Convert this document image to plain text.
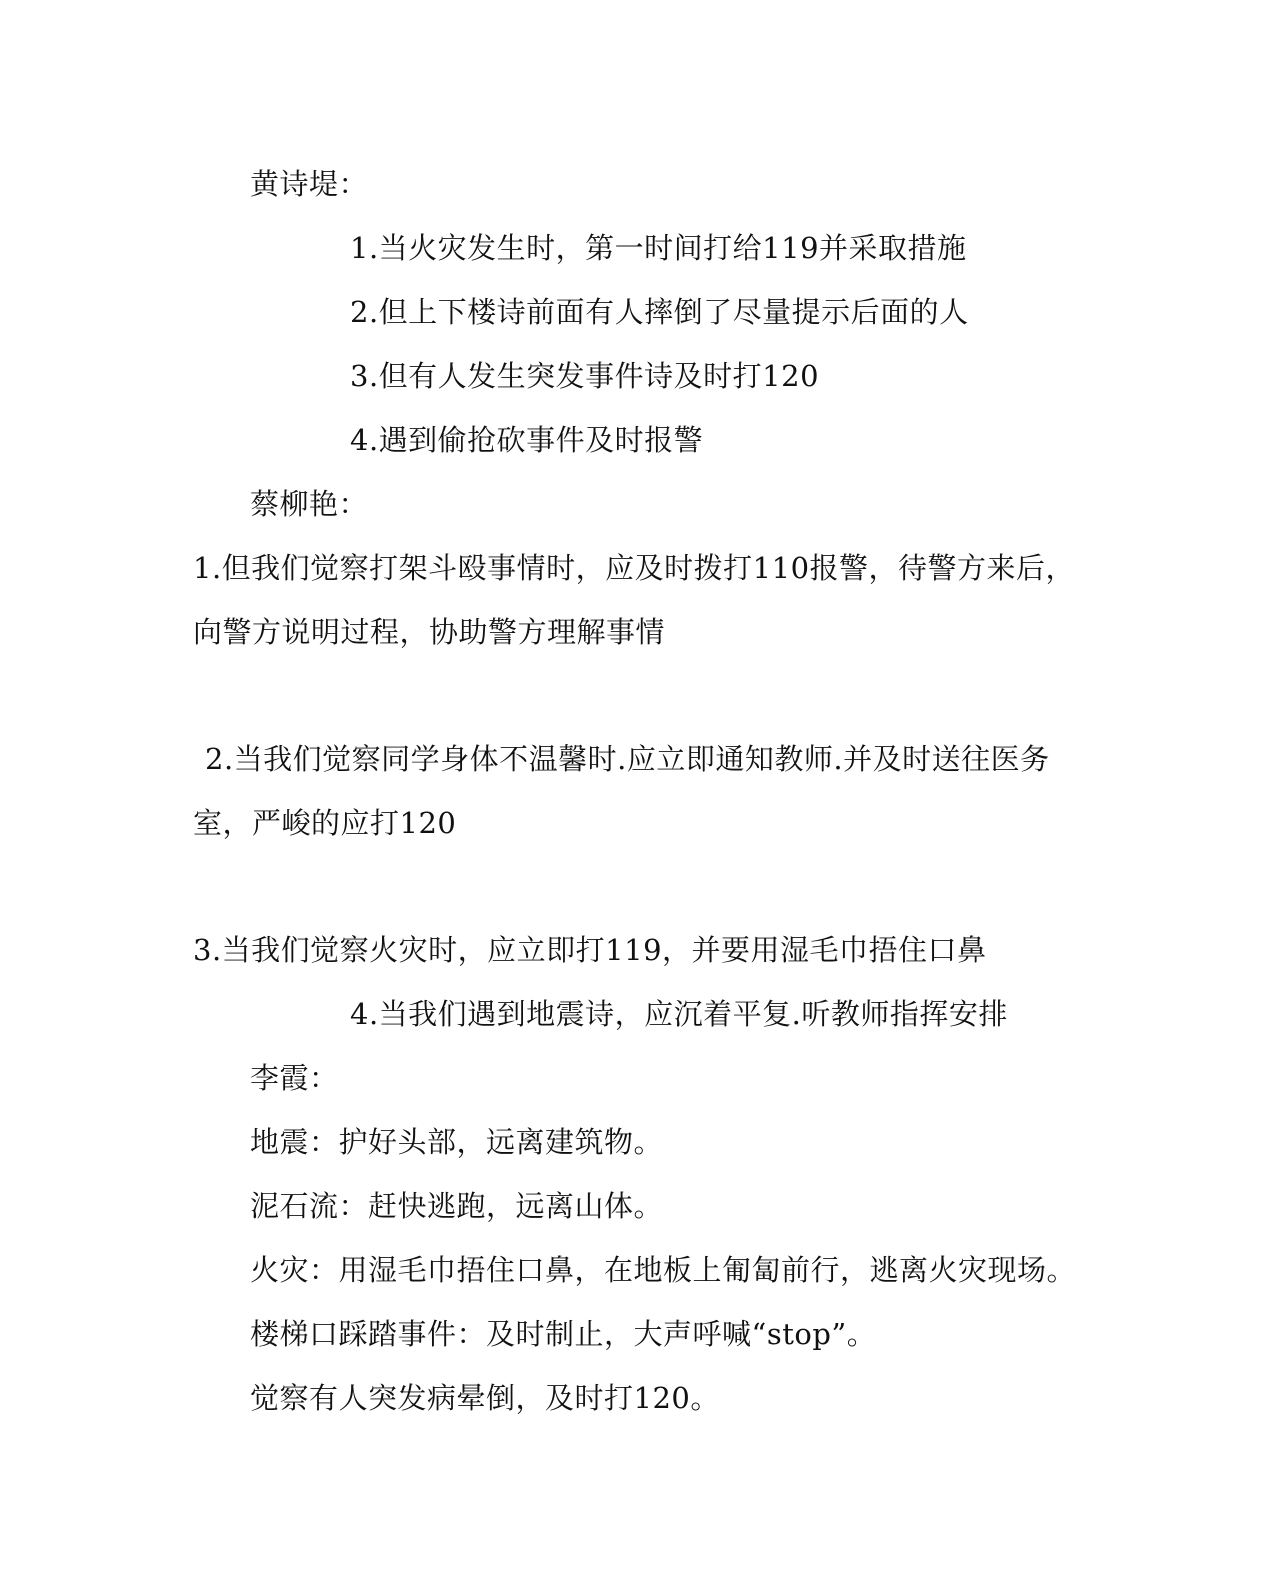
黄诗堤：
1.当火灾发生时，第一时间打给119并采取措施
2.但上下楼诗前面有人摔倒了尽量提示后面的人
3.但有人发生突发事件诗及时打120
4.遇到偷抢砍事件及时报警
蔡柳艳：
1.但我们觉察打架斗殴事情时，应及时拨打110报警，待警方来后，
向警方说明过程，协助警方理解事情
2.当我们觉察同学身体不温馨时.应立即通知教师.并及时送往医务
室，严峻的应打120
3.当我们觉察火灾时，应立即打119，并要用湿毛巾捂住口鼻
4.当我们遇到地震诗，应沉着平复.听教师指挥安排
李霞：
地震：护好头部，远离建筑物。
泥石流：赶快逃跑，远离山体。
火灾：用湿毛巾捂住口鼻，在地板上匍匐前行，逃离火灾现场。
楼梯口踩踏事件：及时制止，大声呼喊“stop”。
觉察有人突发病晕倒，及时打120。
